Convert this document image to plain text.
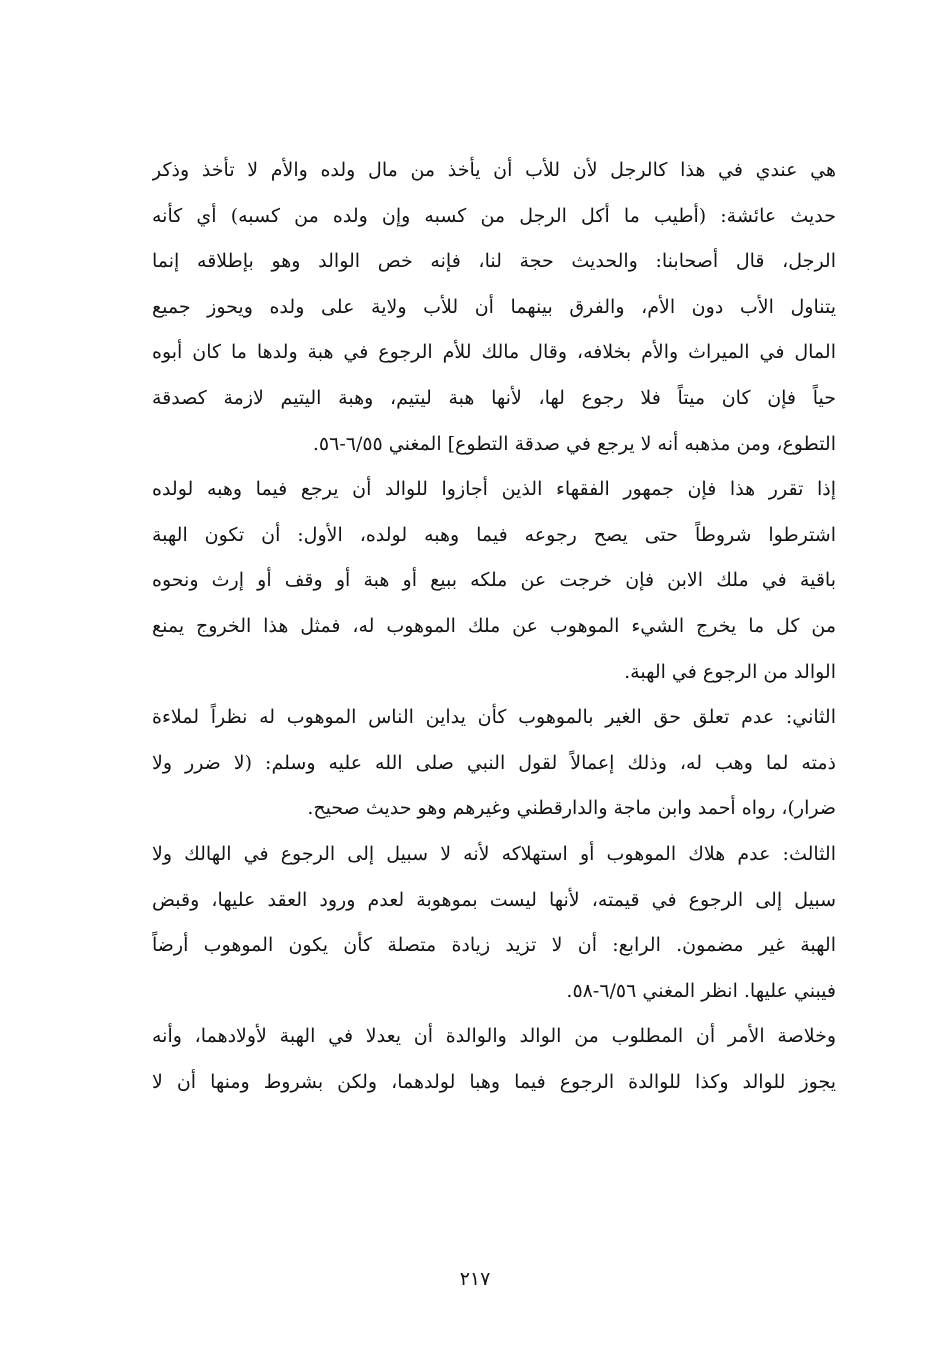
هي عندي في هذا كالرجل لأن للأب أن يأخذ من مال ولده والأم لا تأخذ وذكر
حديث عائشة: (أطيب ما أكل الرجل من كسبه وإن ولده من كسبه) أي كأنه
الرجل، قال أصحابنا: والحديث حجة لنا، فإنه خص الوالد وهو بإطلاقه إنما
يتناول الأب دون الأم، والفرق بينهما أن للأب ولاية على ولده ويحوز جميع
المال في الميراث والأم بخلافه، وقال مالك للأم الرجوع في هبة ولدها ما كان أبوه
حياً فإن كان ميتاً فلا رجوع لها، لأنها هبة ليتيم، وهبة اليتيم لازمة كصدقة
التطوع، ومن مذهبه أنه لا يرجع في صدقة التطوع] المغني ٦/٥٥-٥٦.
إذا تقرر هذا فإن جمهور الفقهاء الذين أجازوا للوالد أن يرجع فيما وهبه لولده
اشترطوا شروطاً حتى يصح رجوعه فيما وهبه لولده، الأول: أن تكون الهبة
باقية في ملك الابن فإن خرجت عن ملكه ببيع أو هبة أو وقف أو إرث ونحوه
من كل ما يخرج الشيء الموهوب عن ملك الموهوب له، فمثل هذا الخروج يمنع
الوالد من الرجوع في الهبة.
الثاني: عدم تعلق حق الغير بالموهوب كأن يداين الناس الموهوب له نظراً لملاءة
ذمته لما وهب له، وذلك إعمالاً لقول النبي صلى الله عليه وسلم: (لا ضرر ولا
ضرار)، رواه أحمد وابن ماجة والدارقطني وغيرهم وهو حديث صحيح.
الثالث: عدم هلاك الموهوب أو استهلاكه لأنه لا سبيل إلى الرجوع في الهالك ولا
سبيل إلى الرجوع في قيمته، لأنها ليست بموهوبة لعدم ورود العقد عليها، وقبض
الهبة غير مضمون. الرابع: أن لا تزيد زيادة متصلة كأن يكون الموهوب أرضاً
فيبني عليها. انظر المغني ٦/٥٦-٥٨.
وخلاصة الأمر أن المطلوب من الوالد والوالدة أن يعدلا في الهبة لأولادهما، وأنه
يجوز للوالد وكذا للوالدة الرجوع فيما وهبا لولدهما، ولكن بشروط ومنها أن لا
٢١٧
